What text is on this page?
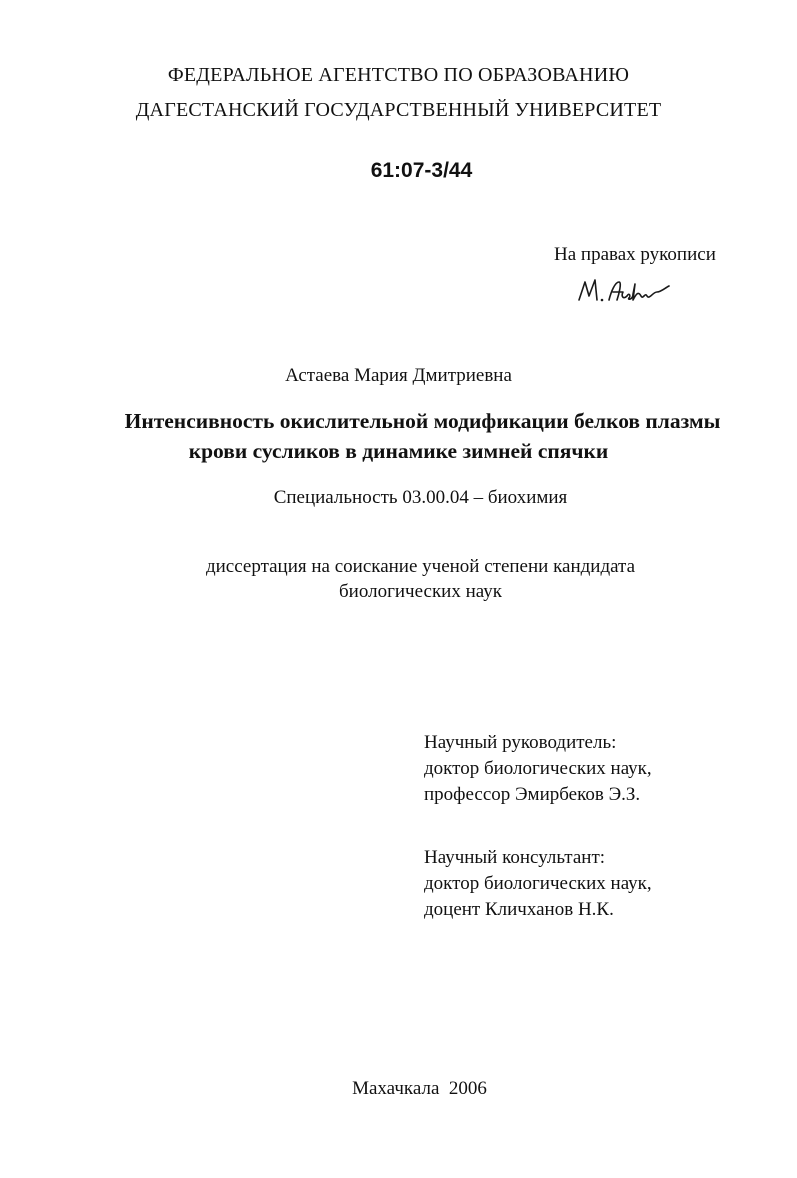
ФЕДЕРАЛЬНОЕ АГЕНТСТВО ПО ОБРАЗОВАНИЮ
ДАГЕСТАНСКИЙ ГОСУДАРСТВЕННЫЙ УНИВЕРСИТЕТ
61:07-3/44
На правах рукописи
Астаева Мария Дмитриевна
Интенсивность окислительной модификации белков плазмы
крови сусликов в динамике зимней спячки
Специальность 03.00.04 – биохимия
диссертация на соискание ученой степени кандидата
биологических наук
Научный руководитель:
доктор биологических наук,
профессор Эмирбеков Э.З.
Научный консультант:
доктор биологических наук,
доцент Кличханов Н.К.
Махачкала  2006
